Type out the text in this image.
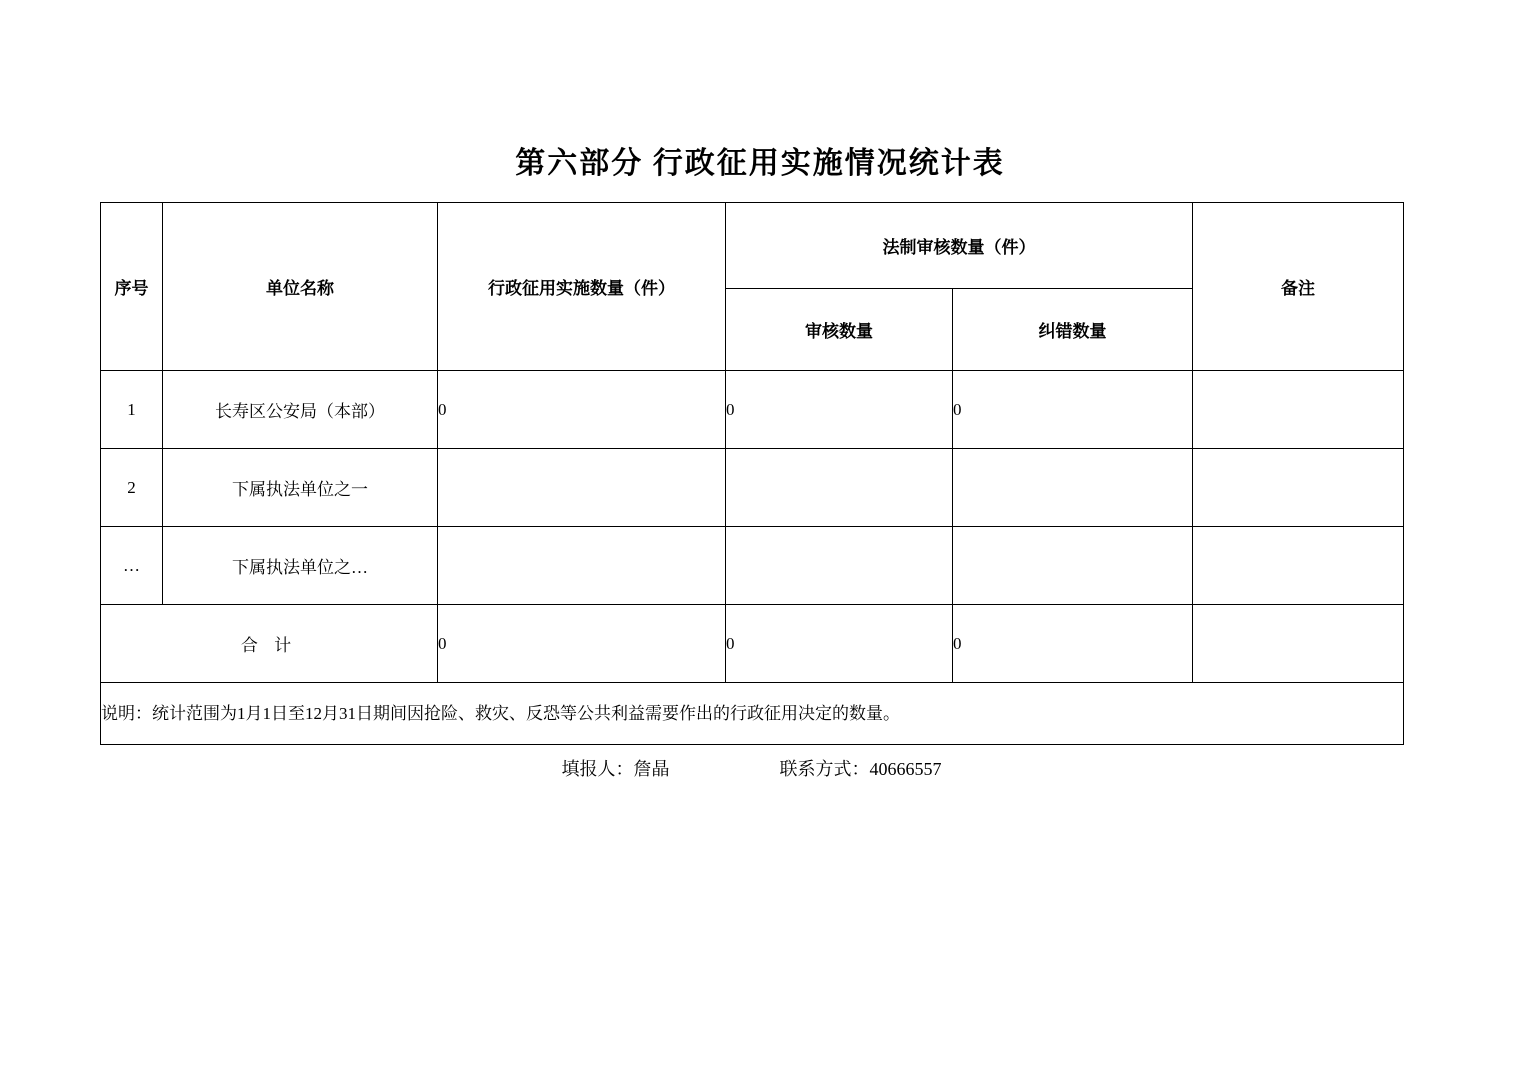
第六部分 行政征用实施情况统计表
序号	单位名称	行政征用实施数量（件）	法制审核数量（件）		备注
			审核数量	纠错数量	
1	长寿区公安局（本部）	0	0	0	
2	下属执法单位之一				
…	下属执法单位之…				
合 计		0	0	0	
说明：统计范围为1月1日至12月31日期间因抢险、救灾、反恐等公共利益需要作出的行政征用决定的数量。					
填报人：詹晶	联系方式：40666557
